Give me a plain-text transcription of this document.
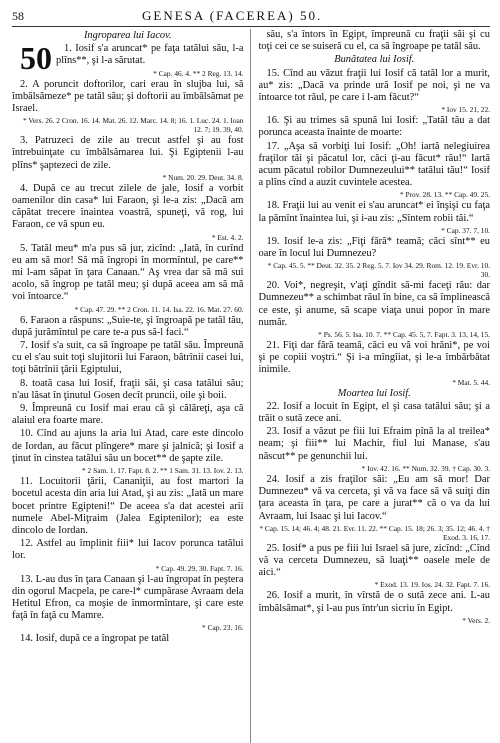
58	GENESA (FACEREA) 50.
Ingroparea lui Iacov.

50 1. Iosif s'a aruncat* pe faţa tatălui său, l-a plîns**, şi l-a sărutat.

* Cap. 46. 4. ** 2 Reg. 13. 14.

2. A poruncit doftorilor, cari erau în slujba lui, să îmbălsămeze* pe tatăl său; şi doftorii au îmbălsămat pe Israel.

* Vers. 26. 2 Cron. 16. 14. Mat. 26. 12. Marc. 14. 8; 16. 1. Luc. 24. 1. Ioan 12. 7; 19. 39, 40.

3. Patruzeci de zile au trecut astfel şi au fost întrebuinţate cu îmbălsămarea lui. Şi Egiptenii l-au plîns* şaptezeci de zile.

* Num. 20. 29. Deut. 34. 8.

4. După ce au trecut zilele de jale, Iosif a vorbit oamenilor din casa* lui Faraon, şi le-a zis: „Dacă am căpătat trecere înaintea voastră, spuneţi, vă rog, lui Faraon, ce vă spun eu.

* Est. 4. 2.

5. Tatăl meu* m'a pus să jur, zicînd: „Iată, în curînd eu am să mor! Să mă îngropi în mormîntul, pe care** mi l-am săpat în ţara Canaan.“ Aş vrea dar să mă sui acolo, să îngrop pe tatăl meu; şi după aceea am să mă voi întoarce.“

* Cap. 47. 29. ** 2 Cron. 11. 14. Isa. 22. 16. Mat. 27. 60.

6. Faraon a răspuns: „Suie-te, şi îngroapă pe tatăl tău, după jurămîntul pe care te-a pus să-l faci.“

7. Iosif s'a suit, ca să îngroape pe tatăl său. Împreună cu el s'au suit toţi slujitorii lui Faraon, bătrînii casei lui, toţi bătrînii ţării Egiptului,

8. toată casa lui Iosif, fraţii săi, şi casa tatălui său; n'au lăsat în ţinutul Gosen decît pruncii, oile şi boii.

9. Împreună cu Iosif mai erau că şi călăreţi, aşa că alaiul era foarte mare.

10. Cînd au ajuns la aria lui Atad, care este dincolo de Iordan, au făcut plîngere* mare şi jalnică; şi Iosif a ţinut în cinstea tatălui său un bocet** de şapte zile.

* 2 Sam. 1. 17. Fapt. 8. 2. ** 1 Sam. 31. 13. Iov. 2. 13.

11. Locuitorii ţării, Cananiţii, au fost martori la bocetul acesta din aria lui Atad, şi au zis: „Iată un mare bocet printre Egipteni!“ De aceea s'a dat acestei arii numele Abel-Miţraim (Jalea Egiptenilor); ea este dincolo de Iordan.

12. Astfel au împlinit fiii* lui Iacov porunca tatălui lor.

* Cap. 49. 29, 30. Fapt. 7. 16.

13. L-au dus în ţara Canaan şi l-au îngropat în peştera din ogorul Macpela, pe care-l* cumpărase Avraam dela Hetitul Efron, ca moşie de înmormîntare, şi care este faţă în faţă cu Mamre.

* Cap. 23. 16.

14. Iosif, după ce a îngropat pe tatăl

său, s'a întors în Egipt, împreună cu fraţii săi şi cu toţi cei ce se suiseră cu el, ca să îngroape pe tatăl său.

Bunătatea lui Iosif.

15. Cînd au văzut fraţii lui Iosif că tatăl lor a murit, au* zis: „Dacă va prinde ură Iosif pe noi, şi ne va întoarce tot răul, pe care i l-am făcut?“

* Iov 15. 21, 22.

16. Şi au trimes să spună lui Iosif: „Tatăl tău a dat porunca aceasta înainte de moarte:

17. „Aşa să vorbiţi lui Iosif: „Oh! iartă nelegiuirea fraţilor tăi şi păcatul lor, căci ţi-au făcut* rău!“ Iartă acum păcatul robilor Dumnezeului** tatălui tău!“ Iosif a plîns cînd a auzit cuvintele acestea.

* Prov. 28. 13. ** Cap. 49. 25.

18. Fraţii lui au venit ei s'au aruncat* ei înşişi cu faţa la pămînt înaintea lui, şi i-au zis: „Sîntem robii tăi.“

* Cap. 37. 7, 10.

19. Iosif le-a zis: „Fiţi fără* teamă; căci sînt** eu oare în locul lui Dumnezeu?

* Cap. 45. 5. ** Deut. 32. 35. 2 Reg. 5. 7. Iov 34. 29. Rom. 12. 19. Evr. 10. 30.

20. Voi*, negreşit, v'aţi gîndit să-mi faceţi rău: dar Dumnezeu** a schimbat răul în bine, ca să împlinească ce este, şi anume, să scape viaţa unui popor în mare număr.

* Ps. 56. 5. Isa. 10. 7. ** Cap. 45. 5, 7. Fapt. 3. 13, 14, 15.

21. Fiţi dar fără teamă, căci eu vă voi hrăni*, pe voi şi pe copiii voştri.“ Şi i-a mîngîiat, şi le-a îmbărbătat inimile.

* Mat. 5. 44.
Moartea lui Iosif.

22. Iosif a locuit în Egipt, el şi casa tatălui său; şi a trăit o sută zece ani.

23. Iosif a văzut pe fiii lui Efraim pînă la al treilea* neam; şi fiii** lui Machir, fiul lui Manase, s'au născut** pe genunchii lui.

* Iov. 42. 16. ** Num. 32. 39. † Cap. 30. 3.

24. Iosif a zis fraţilor săi: „Eu am să mor! Dar Dumnezeu* vă va cerceta, şi vă va face să vă suiţi din ţara aceasta în ţara, pe care a jurat** că o va da lui Avraam, lui Isaac şi lui Iacov.“

* Cap. 15. 14; 46. 4; 48. 21. Evr. 11. 22. ** Cap. 15. 18; 26. 3; 35. 12; 46. 4. † Exod. 3. 16, 17.

25. Iosif* a pus pe fiii lui Israel să jure, zicînd: „Cînd vă va cerceta Dumnezeu, să luaţi** oasele mele de aici.“

* Exod. 13. 19. Ios. 24. 32. Fapt. 7. 16.

26. Iosif a murit, în vîrstă de o sută zece ani. L-au îmbălsămat*, şi l-au pus într'un sicriu în Egipt.

* Vers. 2.
